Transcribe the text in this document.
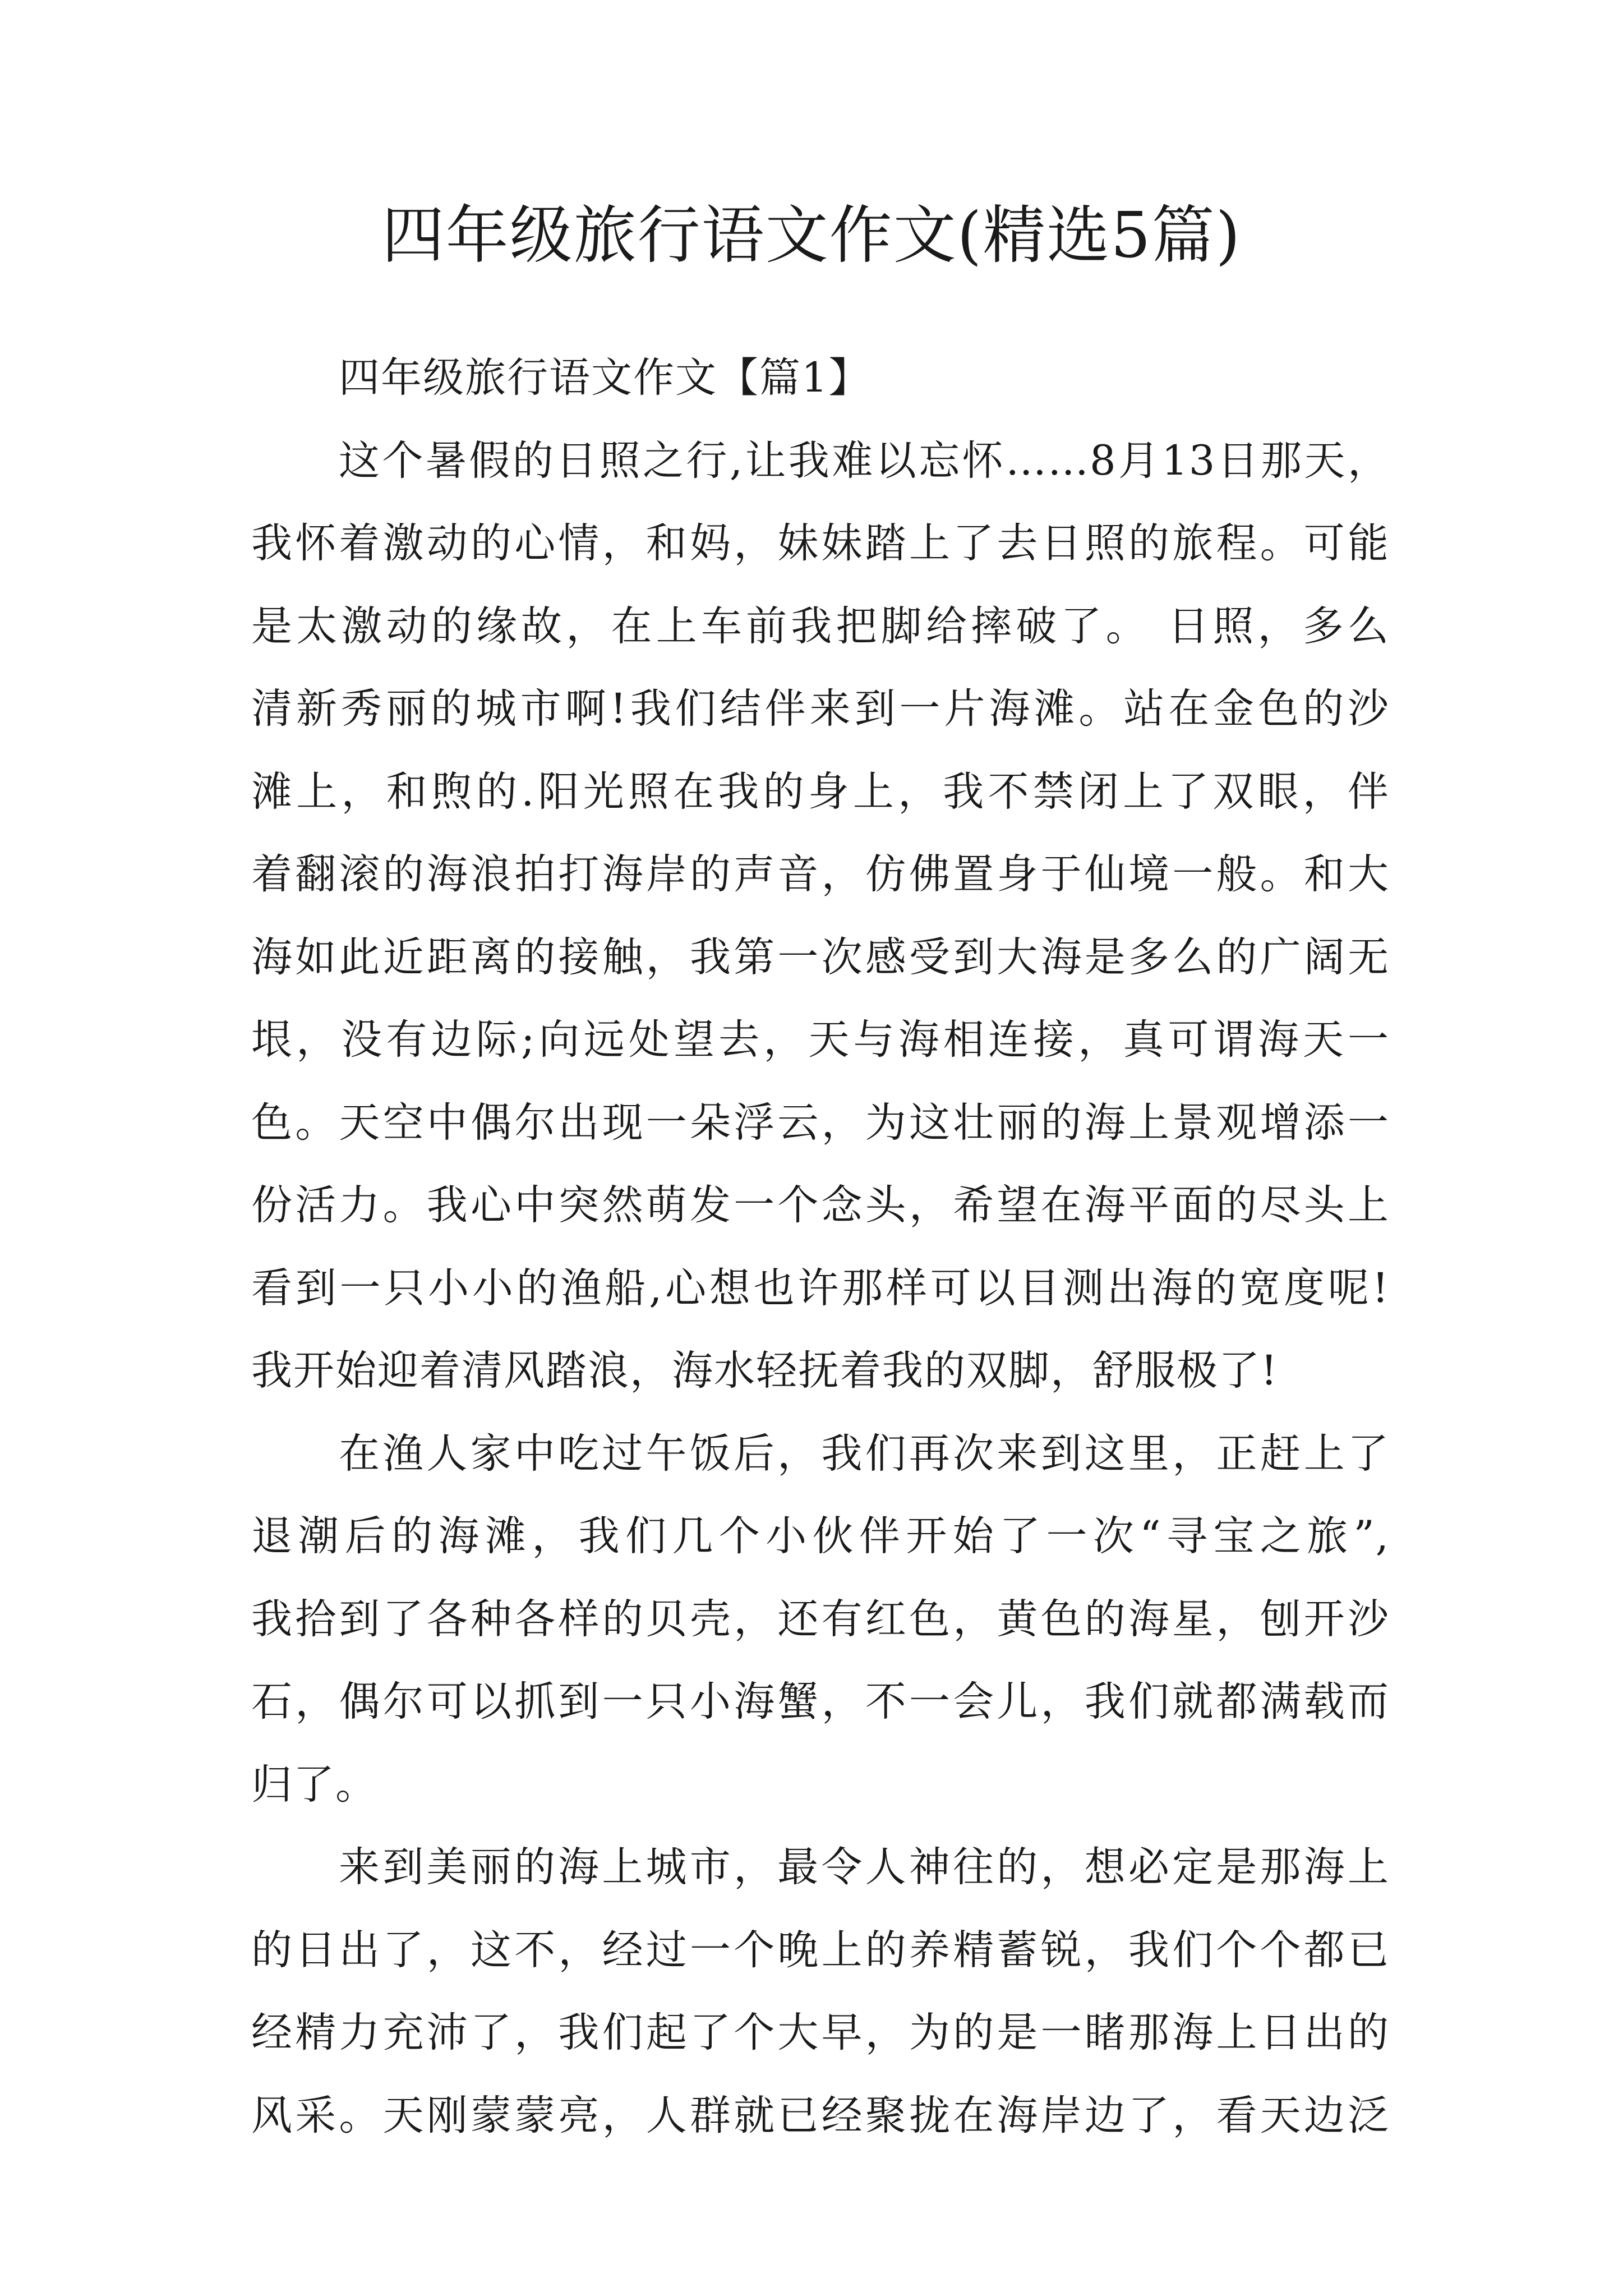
四年级旅行语文作文(精选5篇)
四年级旅行语文作文【篇1】
这个暑假的日照之行,让我难以忘怀……8月13日那天，
我怀着激动的心情，和妈，妹妹踏上了去日照的旅程。可能
是太激动的缘故，在上车前我把脚给摔破了。 日照，多么
清新秀丽的城市啊!我们结伴来到一片海滩。站在金色的沙
滩上，和煦的.阳光照在我的身上，我不禁闭上了双眼，伴
着翻滚的海浪拍打海岸的声音，仿佛置身于仙境一般。和大
海如此近距离的接触，我第一次感受到大海是多么的广阔无
垠，没有边际;向远处望去，天与海相连接，真可谓海天一
色。天空中偶尔出现一朵浮云，为这壮丽的海上景观增添一
份活力。我心中突然萌发一个念头，希望在海平面的尽头上
看到一只小小的渔船,心想也许那样可以目测出海的宽度呢!
我开始迎着清风踏浪，海水轻抚着我的双脚，舒服极了!
在渔人家中吃过午饭后，我们再次来到这里，正赶上了
退潮后的海滩，我们几个小伙伴开始了一次“寻宝之旅”,
我拾到了各种各样的贝壳，还有红色，黄色的海星，刨开沙
石，偶尔可以抓到一只小海蟹，不一会儿，我们就都满载而
归了。
来到美丽的海上城市，最令人神往的，想必定是那海上
的日出了，这不，经过一个晚上的养精蓄锐，我们个个都已
经精力充沛了，我们起了个大早，为的是一睹那海上日出的
风采。天刚蒙蒙亮，人群就已经聚拢在海岸边了，看天边泛
